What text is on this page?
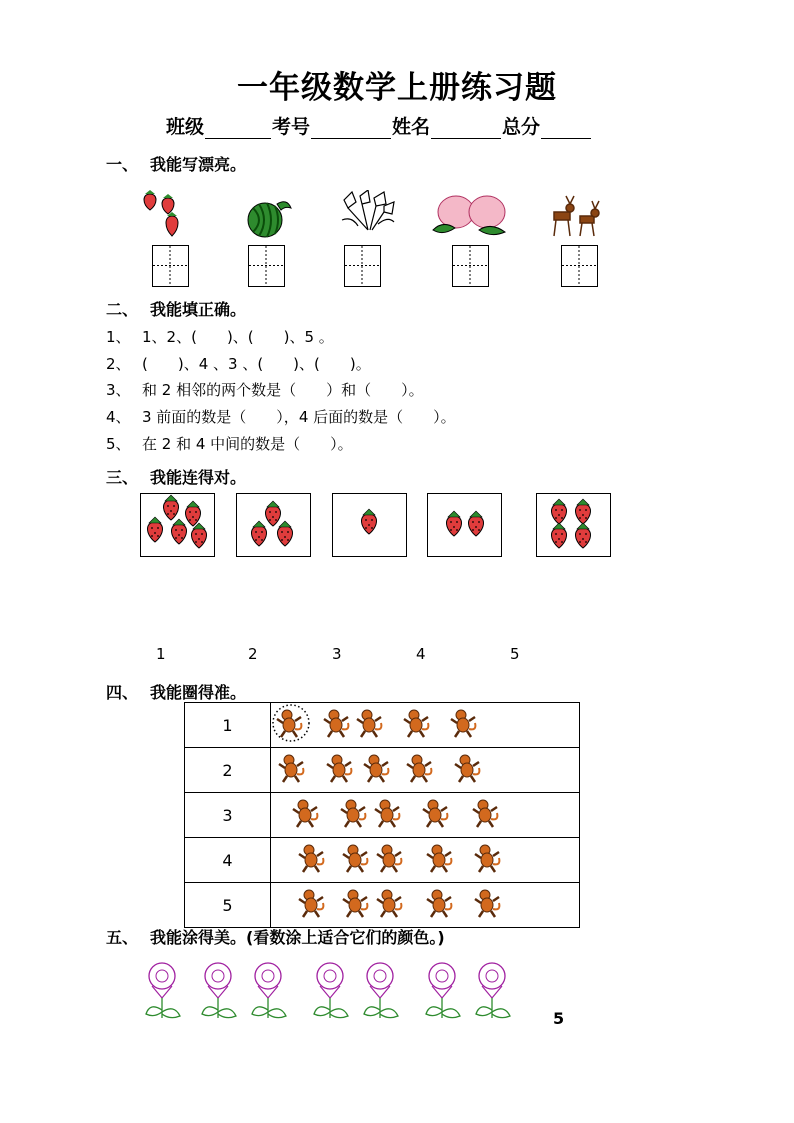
一年级数学上册练习题
班级	考号	姓名	总分
一、 我能写漂亮。
二、 我能填正确。
1、 1、2、(　　)、(　　)、5 。
2、 (　　)、4 、3 、(　　)、(　　)。
3、 和 2 相邻的两个数是（　　）和（　　）。
4、 3 前面的数是（　　），4 后面的数是（　　）。
5、 在 2 和 4 中间的数是（　　）。
三、 我能连得对。
1	2	3	4	5
四、 我能圈得准。
1	
2	
3	
4	
5	
五、 我能涂得美。(看数涂上适合它们的颜色。)
5
